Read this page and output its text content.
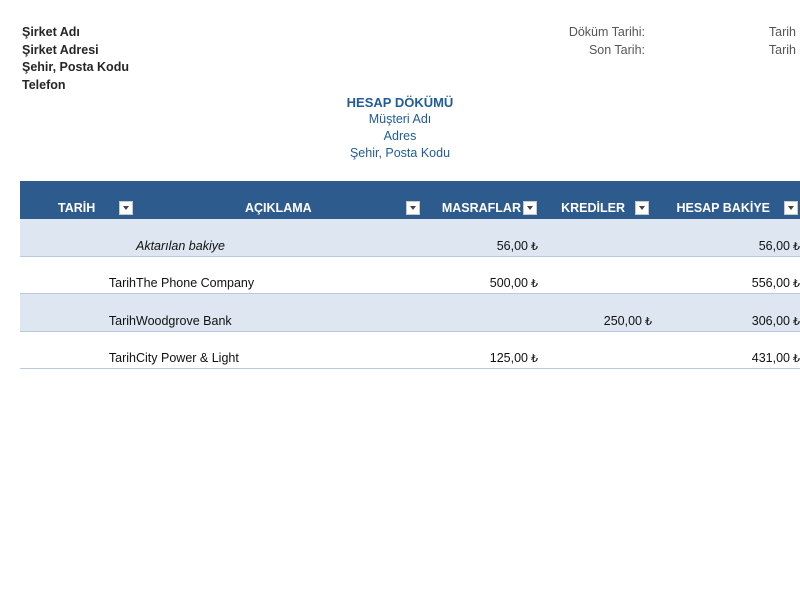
Şirket Adı
Şirket Adresi
Şehir, Posta Kodu
Telefon
Döküm Tarihi:	Tarih
Son Tarih:	Tarih
HESAP DÖKÜMÜ
Müşteri Adı
Adres
Şehir, Posta Kodu
TARİH	AÇIKLAMA	MASRAFLAR	KREDİLER	HESAP BAKİYE

	Aktarılan bakiye	56,00 ₺		56,00 ₺
Tarih	The Phone Company	500,00 ₺		556,00 ₺
Tarih	Woodgrove Bank		250,00 ₺	306,00 ₺
Tarih	City Power & Light	125,00 ₺		431,00 ₺
